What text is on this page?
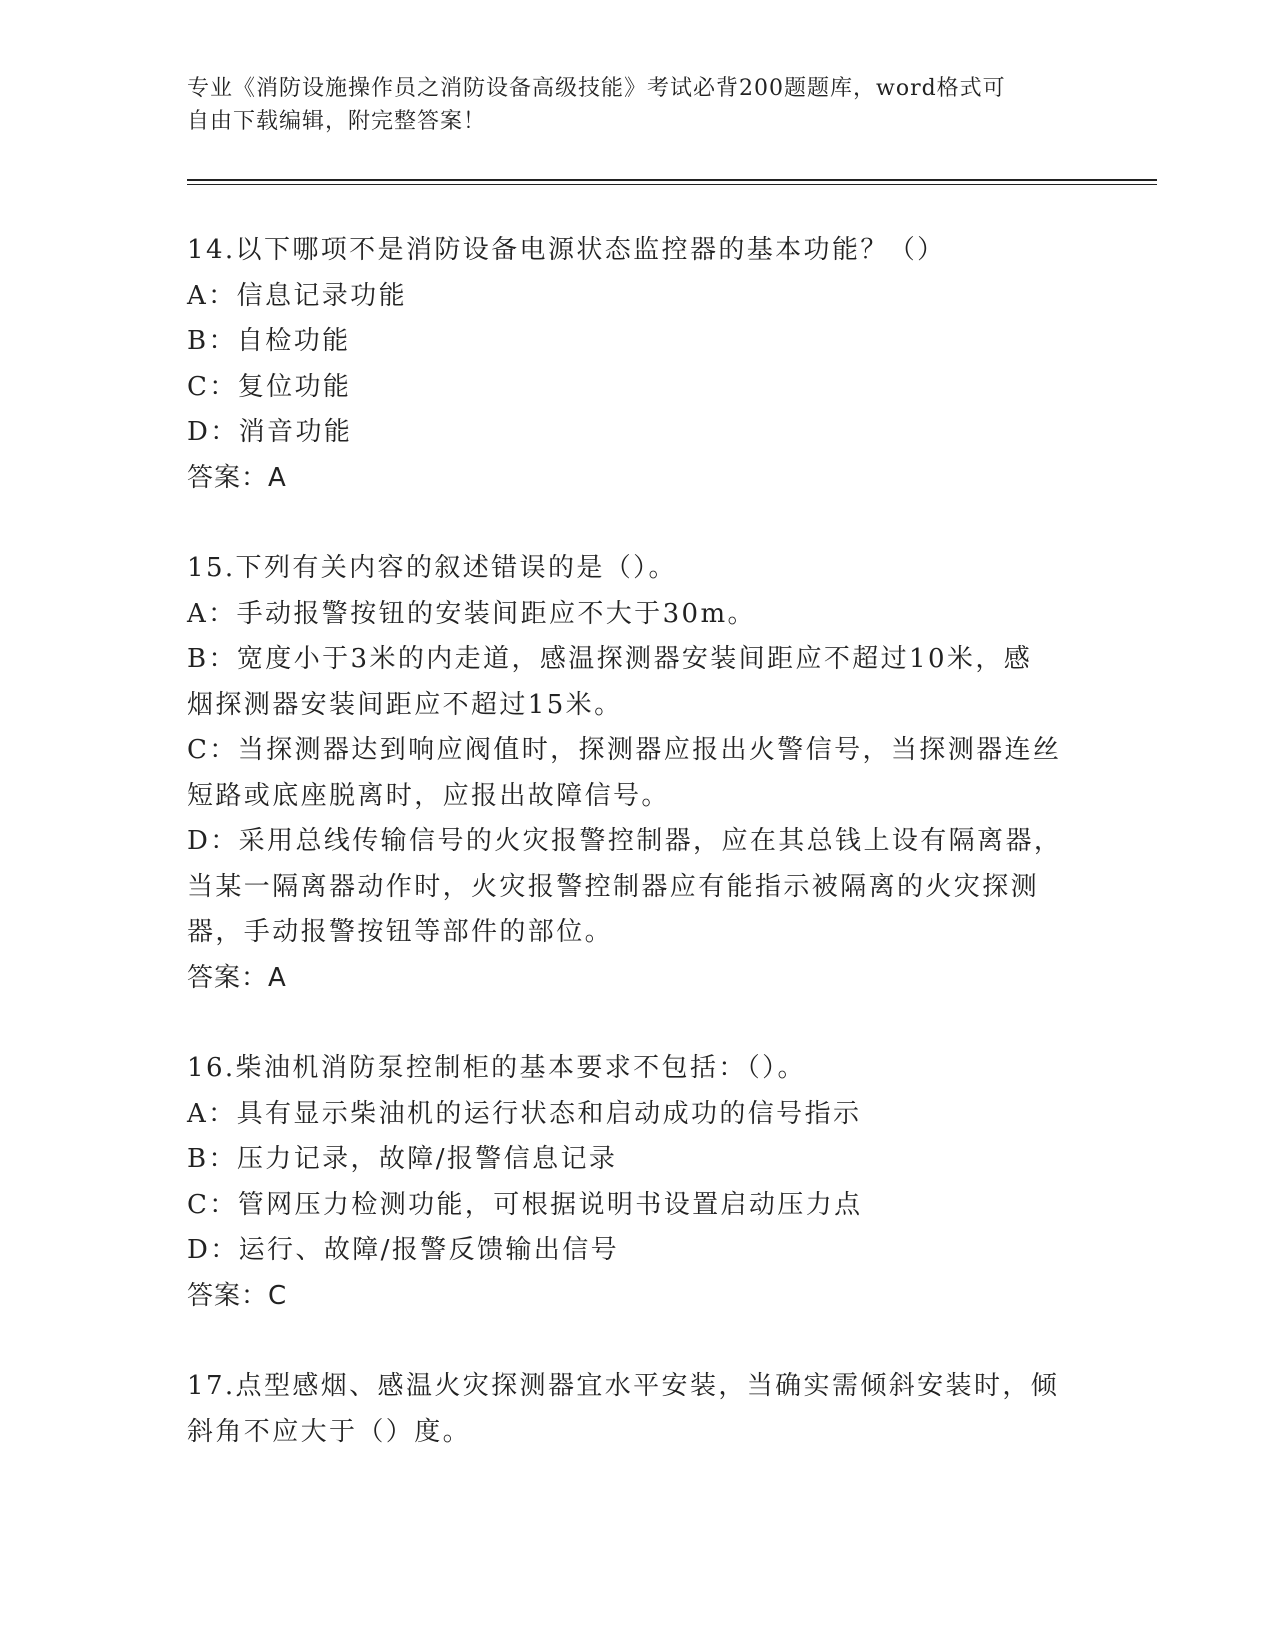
专业《消防设施操作员之消防设备高级技能》考试必背200题题库，word格式可
自由下载编辑，附完整答案！
14.以下哪项不是消防设备电源状态监控器的基本功能？（）
A：信息记录功能
B：自检功能
C：复位功能
D：消音功能
答案：A
15.下列有关内容的叙述错误的是（）。
A：手动报警按钮的安装间距应不大于30m。
B：宽度小于3米的内走道，感温探测器安装间距应不超过10米，感
烟探测器安装间距应不超过15米。
C：当探测器达到响应阀值时，探测器应报出火警信号，当探测器连丝
短路或底座脱离时，应报出故障信号。
D：采用总线传输信号的火灾报警控制器，应在其总钱上设有隔离器，
当某一隔离器动作时，火灾报警控制器应有能指示被隔离的火灾探测
器，手动报警按钮等部件的部位。
答案：A
16.柴油机消防泵控制柜的基本要求不包括：（）。
A：具有显示柴油机的运行状态和启动成功的信号指示
B：压力记录，故障/报警信息记录
C：管网压力检测功能，可根据说明书设置启动压力点
D：运行、故障/报警反馈输出信号
答案：C
17.点型感烟、感温火灾探测器宜水平安装，当确实需倾斜安装时，倾
斜角不应大于（）度。
